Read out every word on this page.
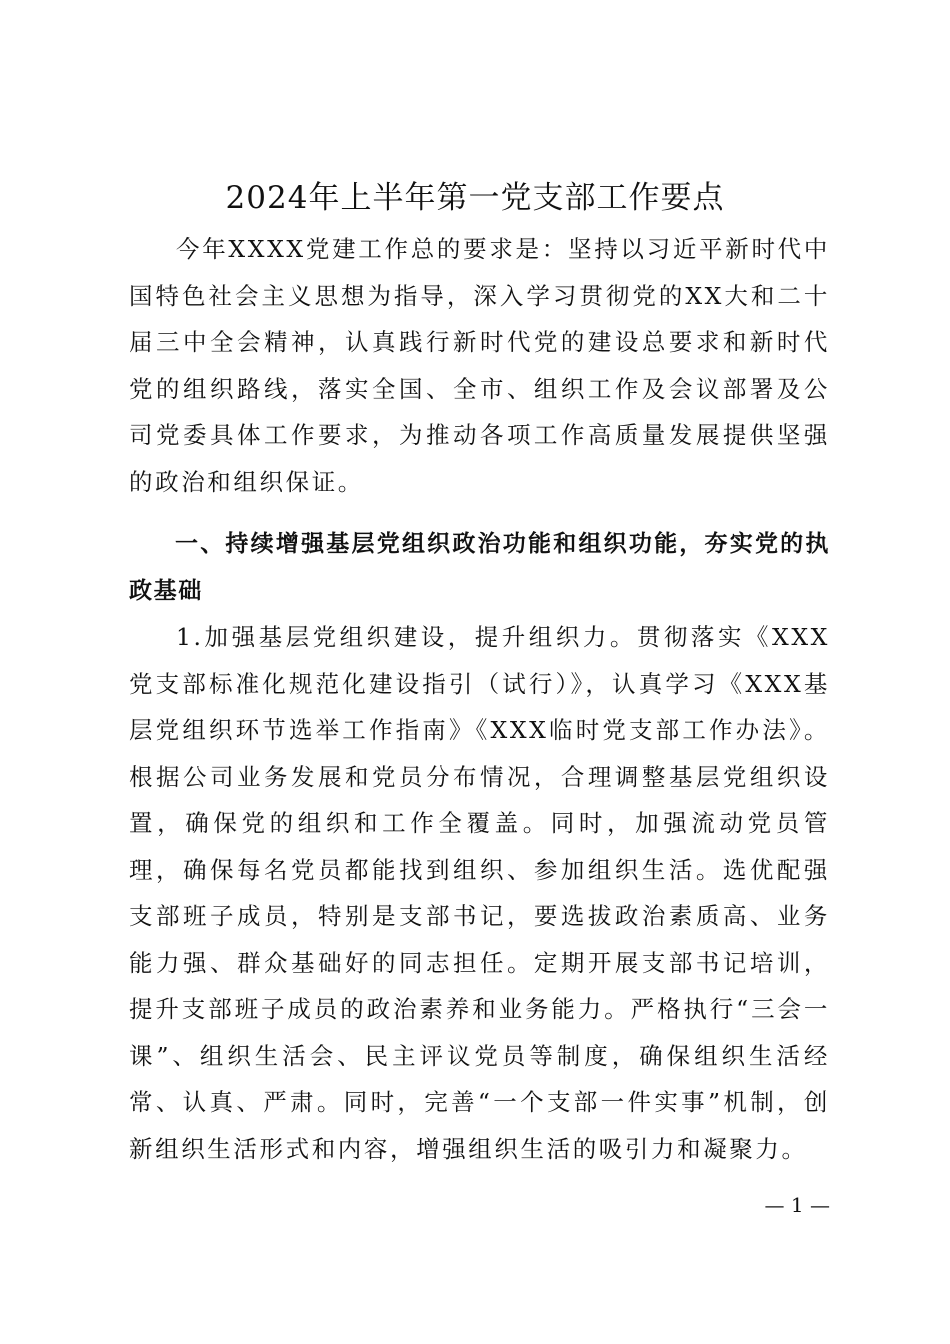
2024年上半年第一党支部工作要点

今年XXXX党建工作总的要求是：坚持以习近平新时代中国特色社会主义思想为指导，深入学习贯彻党的XX大和二十届三中全会精神，认真践行新时代党的建设总要求和新时代党的组织路线，落实全国、全市、组织工作及会议部署及公司党委具体工作要求，为推动各项工作高质量发展提供坚强的政治和组织保证。

一、持续增强基层党组织政治功能和组织功能，夯实党的执政基础

1.加强基层党组织建设，提升组织力。贯彻落实《XXX党支部标准化规范化建设指引（试行）》，认真学习《XXX基层党组织环节选举工作指南》《XXX临时党支部工作办法》。根据公司业务发展和党员分布情况，合理调整基层党组织设置，确保党的组织和工作全覆盖。同时，加强流动党员管理，确保每名党员都能找到组织、参加组织生活。选优配强支部班子成员，特别是支部书记，要选拔政治素质高、业务能力强、群众基础好的同志担任。定期开展支部书记培训，提升支部班子成员的政治素养和业务能力。严格执行“三会一课”、组织生活会、民主评议党员等制度，确保组织生活经常、认真、严肃。同时，完善“一个支部一件实事”机制，创新组织生活形式和内容，增强组织生活的吸引力和凝聚力。

— 1 —
